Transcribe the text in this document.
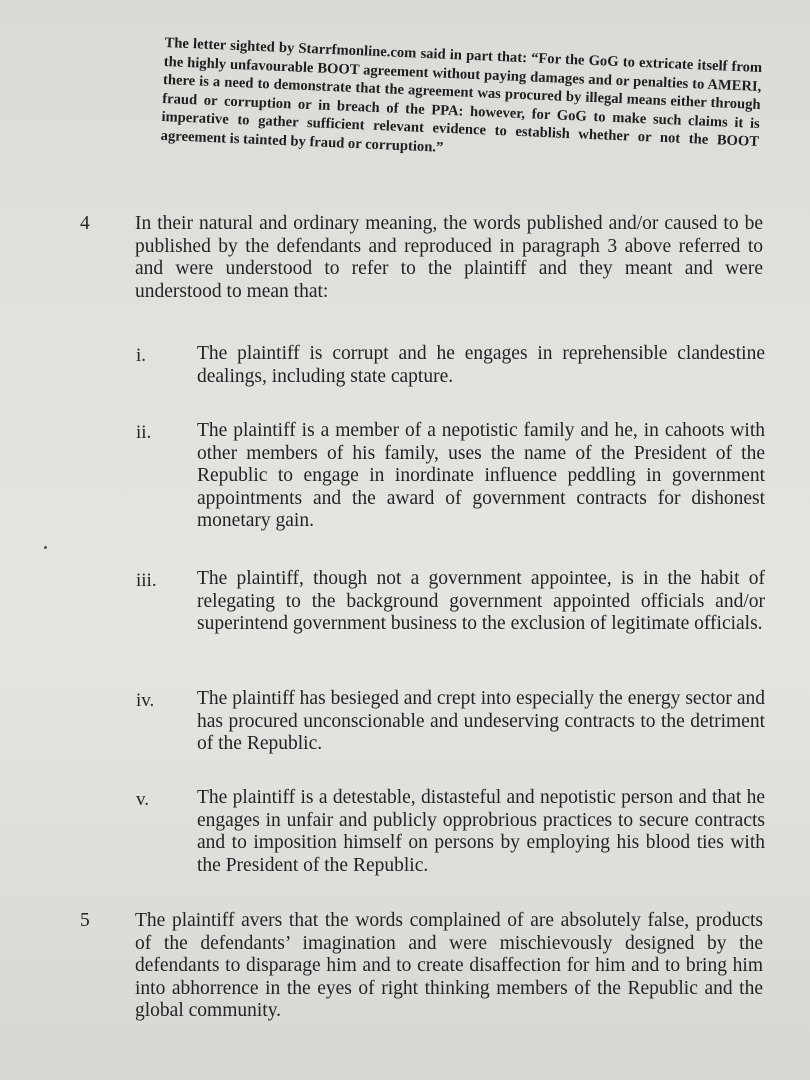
The letter sighted by Starrfmonline.com said in part that: “For the GoG to extricate itself from the highly unfavourable BOOT agreement without paying damages and or penalties to AMERI, there is a need to demonstrate that the agreement was procured by illegal means either through fraud or corruption or in breach of the PPA: however, for GoG to make such claims it is imperative to gather sufficient relevant evidence to establish whether or not the BOOT agreement is tainted by fraud or corruption.”
4 In their natural and ordinary meaning, the words published and/or caused to be published by the defendants and reproduced in paragraph 3 above referred to and were understood to refer to the plaintiff and they meant and were understood to mean that:
i.	The plaintiff is corrupt and he engages in reprehensible clandestine dealings, including state capture.
ii. The plaintiff is a member of a nepotistic family and he, in cahoots with other members of his family, uses the name of the President of the Republic to engage in inordinate influence peddling in government appointments and the award of government contracts for dishonest monetary gain.
iii. The plaintiff, though not a government appointee, is in the habit of relegating to the background government appointed officials and/or superintend government business to the exclusion of legitimate officials.
iv. The plaintiff has besieged and crept into especially the energy sector and has procured unconscionable and undeserving contracts to the detriment of the Republic.
v. The plaintiff is a detestable, distasteful and nepotistic person and that he engages in unfair and publicly opprobrious practices to secure contracts and to imposition himself on persons by employing his blood ties with the President of the Republic.
5 The plaintiff avers that the words complained of are absolutely false, products of the defendants’ imagination and were mischievously designed by the defendants to disparage him and to create disaffection for him and to bring him into abhorrence in the eyes of right thinking members of the Republic and the global community.
